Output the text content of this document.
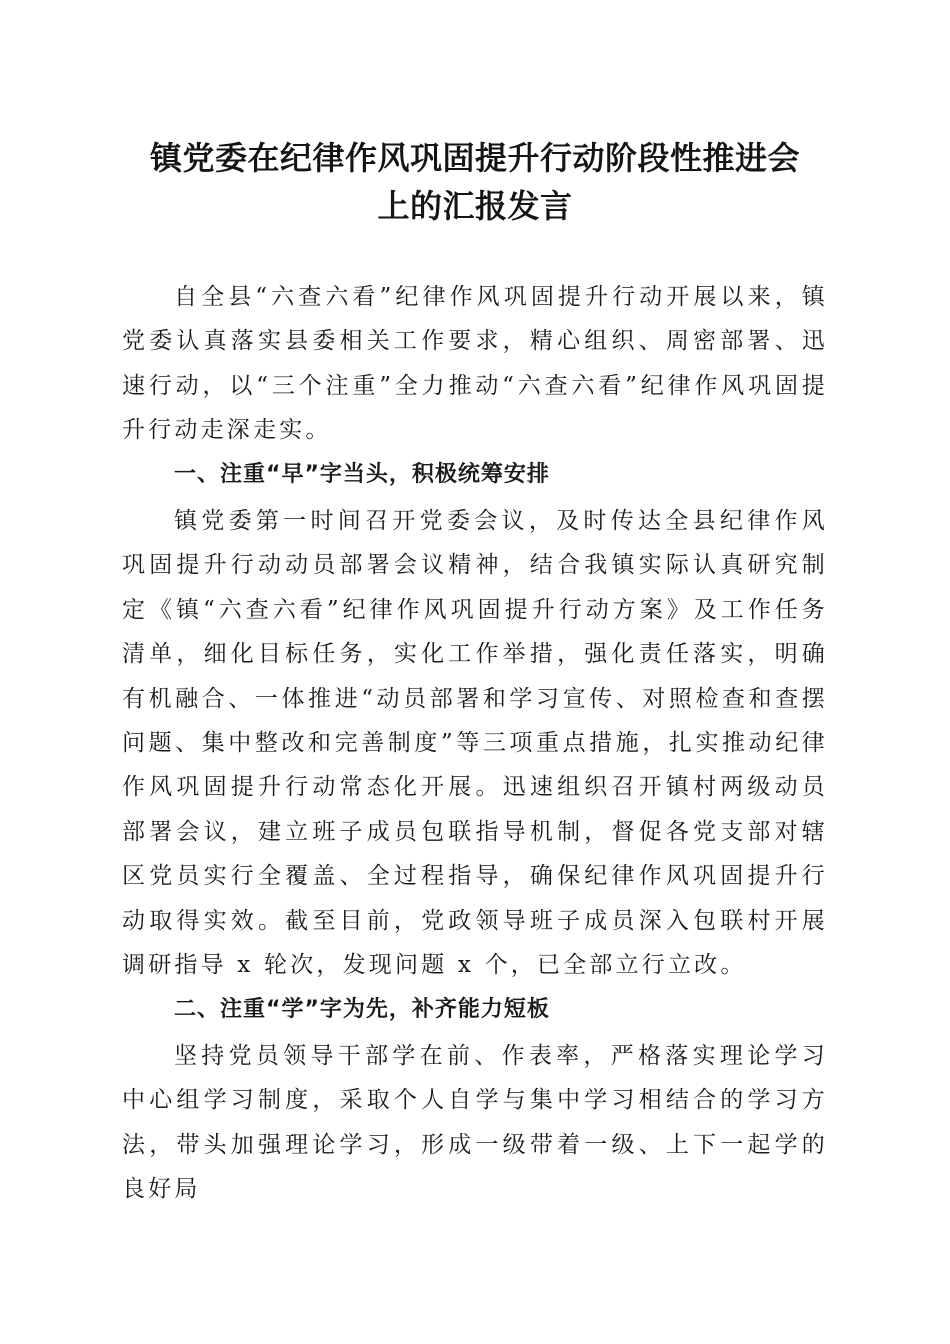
镇党委在纪律作风巩固提升行动阶段性推进会
上的汇报发言

自全县“六查六看”纪律作风巩固提升行动开展以来，镇党委认真落实县委相关工作要求，精心组织、周密部署、迅速行动，以“三个注重”全力推动“六查六看”纪律作风巩固提升行动走深走实。

一、注重“早”字当头，积极统筹安排

镇党委第一时间召开党委会议，及时传达全县纪律作风巩固提升行动动员部署会议精神，结合我镇实际认真研究制定《镇“六查六看”纪律作风巩固提升行动方案》及工作任务清单，细化目标任务，实化工作举措，强化责任落实，明确有机融合、一体推进“动员部署和学习宣传、对照检查和查摆问题、集中整改和完善制度”等三项重点措施，扎实推动纪律作风巩固提升行动常态化开展。迅速组织召开镇村两级动员部署会议，建立班子成员包联指导机制，督促各党支部对辖区党员实行全覆盖、全过程指导，确保纪律作风巩固提升行动取得实效。截至目前，党政领导班子成员深入包联村开展调研指导 x 轮次，发现问题 x 个，已全部立行立改。

二、注重“学”字为先，补齐能力短板

坚持党员领导干部学在前、作表率，严格落实理论学习中心组学习制度，采取个人自学与集中学习相结合的学习方法，带头加强理论学习，形成一级带着一级、上下一起学的良好局
